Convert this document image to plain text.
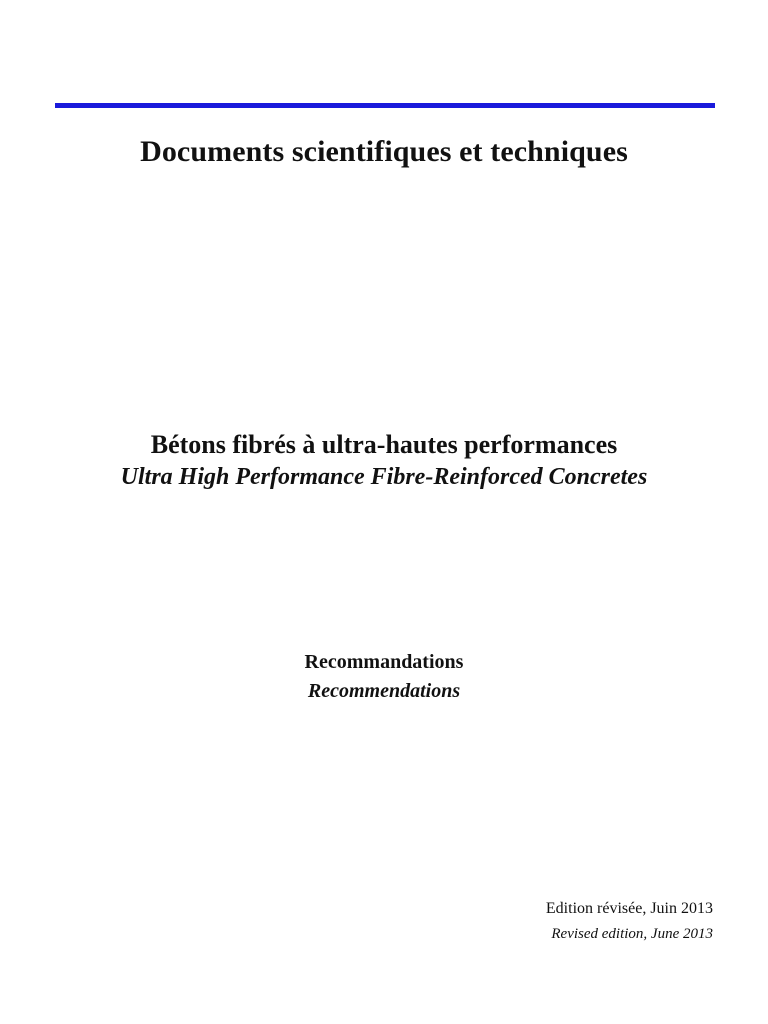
Documents scientifiques et techniques
Bétons fibrés à ultra-hautes performances
Ultra High Performance Fibre-Reinforced Concretes
Recommandations
Recommendations
Edition révisée, Juin 2013
Revised edition, June 2013
